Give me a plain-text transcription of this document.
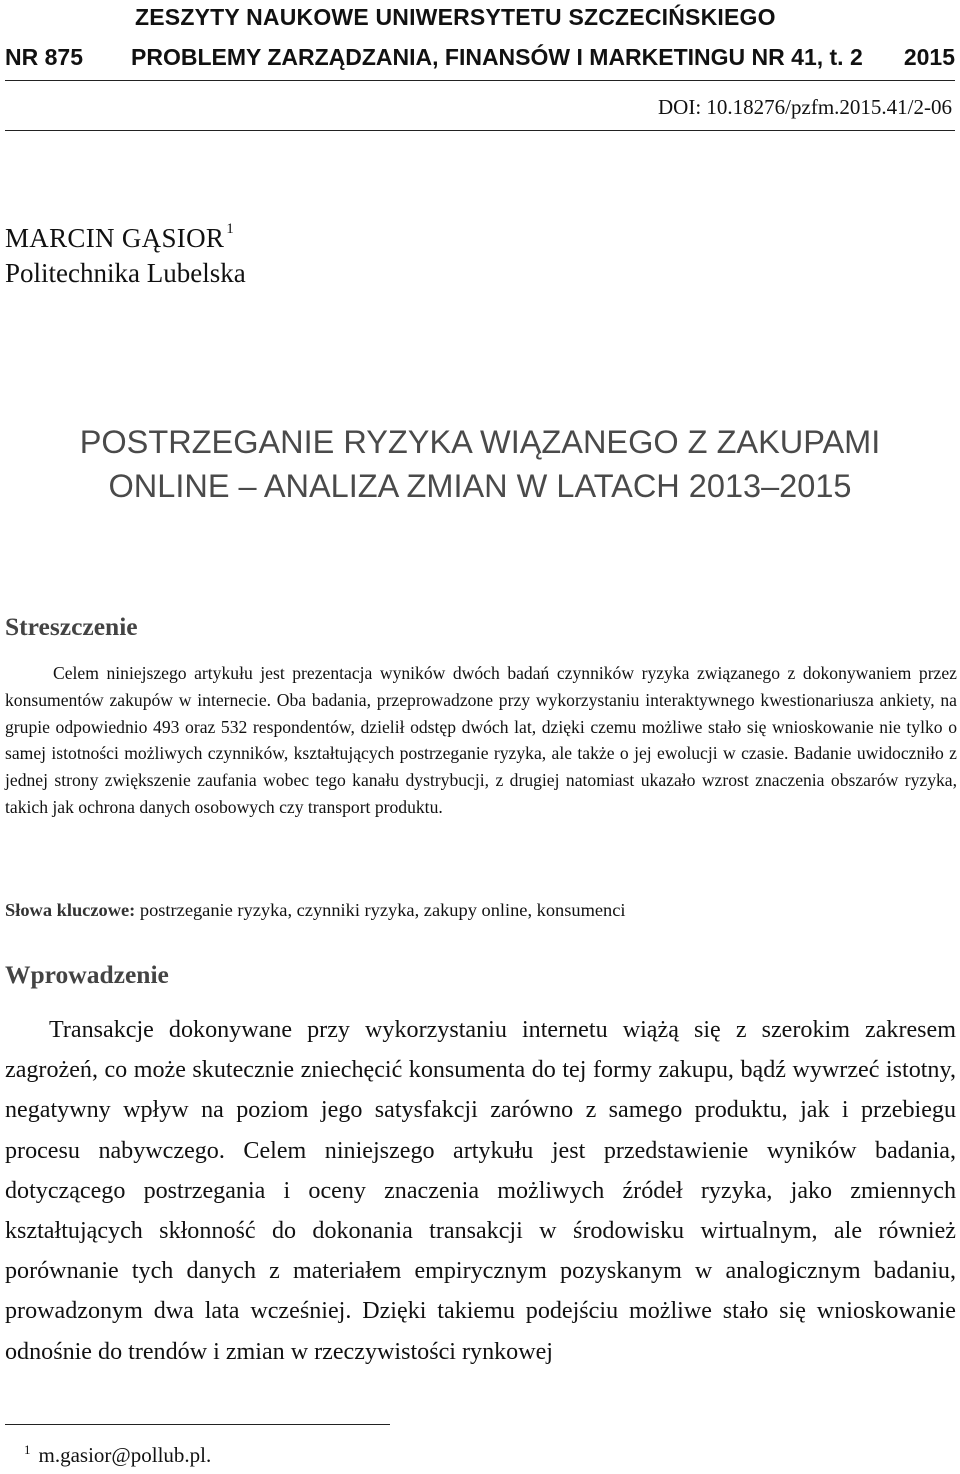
ZESZYTY NAUKOWE UNIWERSYTETU SZCZECIŃSKIEGO
NR 875	PROBLEMY ZARZĄDZANIA, FINANSÓW I MARKETINGU NR 41, t. 2	2015
DOI: 10.18276/pzfm.2015.41/2-06
MARCIN GĄSIOR $^1$
Politechnika Lubelska
POSTRZEGANIE RYZYKA WIĄZANEGO Z ZAKUPAMI
ONLINE – ANALIZA ZMIAN W LATACH 2013–2015
Streszczenie
Celem niniejszego artykułu jest prezentacja wyników dwóch badań czynników ryzyka związanego z dokonywaniem przez konsumentów zakupów w internecie. Oba badania, przeprowadzone przy wykorzystaniu interaktywnego kwestionariusza ankiety, na grupie odpowiednio 493 oraz 532 respondentów, dzielił odstęp dwóch lat, dzięki czemu możliwe stało się wnioskowanie nie tylko o samej istotności możliwych czynników, kształtujących postrzeganie ryzyka, ale także o jej ewolucji w czasie. Badanie uwidoczniło z jednej strony zwiększenie zaufania wobec tego kanału dystrybucji, z drugiej natomiast ukazało wzrost znaczenia obszarów ryzyka, takich jak ochrona danych osobowych czy transport produktu.
Słowa kluczowe: postrzeganie ryzyka, czynniki ryzyka, zakupy online, konsumenci
Wprowadzenie
Transakcje dokonywane przy wykorzystaniu internetu wiążą się z szerokim zakresem zagrożeń, co może skutecznie zniechęcić konsumenta do tej formy zakupu, bądź wywrzeć istotny, negatywny wpływ na poziom jego satysfakcji zarówno z samego produktu, jak i przebiegu procesu nabywczego. Celem niniejszego artykułu jest przedstawienie wyników badania, dotyczącego postrzegania i oceny znaczenia możliwych źródeł ryzyka, jako zmiennych kształtujących skłonność do dokonania transakcji w środowisku wirtualnym, ale również porównanie tych danych z materiałem empirycznym pozyskanym w analogicznym badaniu, prowadzonym dwa lata wcześniej. Dzięki takiemu podejściu możliwe stało się wnioskowanie odnośnie do trendów i zmian w rzeczywistości rynkowej
$^1$ m.gasior@pollub.pl.
